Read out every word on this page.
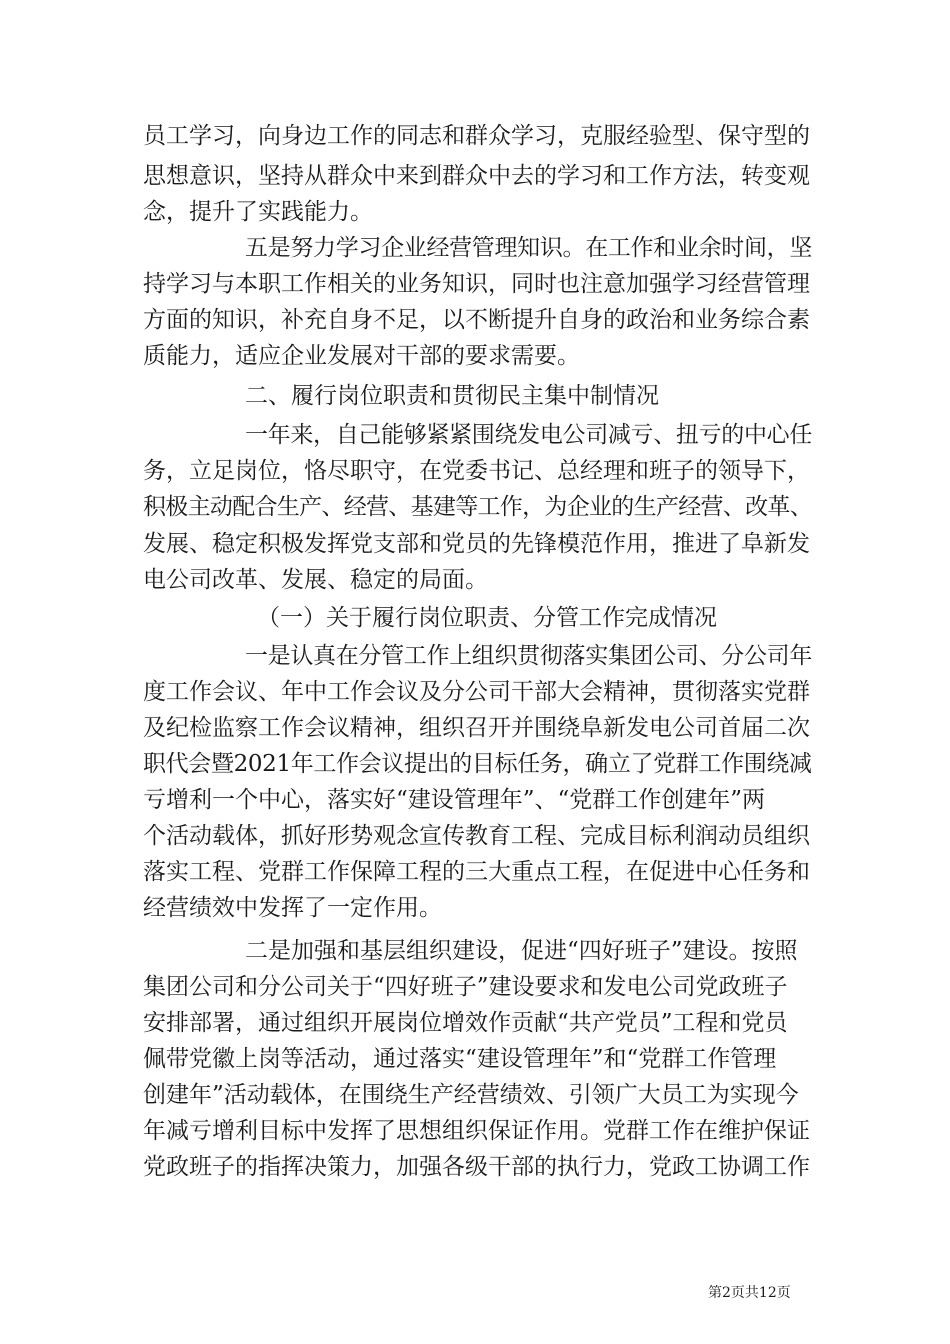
员工学习，向身边工作的同志和群众学习，克服经验型、保守型的

思想意识，坚持从群众中来到群众中去的学习和工作方法，转变观

念，提升了实践能力。

五是努力学习企业经营管理知识。在工作和业余时间，坚

持学习与本职工作相关的业务知识，同时也注意加强学习经营管理

方面的知识，补充自身不足，以不断提升自身的政治和业务综合素

质能力，适应企业发展对干部的要求需要。

二、履行岗位职责和贯彻民主集中制情况

一年来，自己能够紧紧围绕发电公司减亏、扭亏的中心任

务，立足岗位，恪尽职守，在党委书记、总经理和班子的领导下，

积极主动配合生产、经营、基建等工作，为企业的生产经营、改革、

发展、稳定积极发挥党支部和党员的先锋模范作用，推进了阜新发

电公司改革、发展、稳定的局面。

（一）关于履行岗位职责、分管工作完成情况

一是认真在分管工作上组织贯彻落实集团公司、分公司年

度工作会议、年中工作会议及分公司干部大会精神，贯彻落实党群

及纪检监察工作会议精神，组织召开并围绕阜新发电公司首届二次

职代会暨2021年工作会议提出的目标任务，确立了党群工作围绕减

亏增利一个中心，落实好“建设管理年”、“党群工作创建年”两

个活动载体，抓好形势观念宣传教育工程、完成目标利润动员组织

落实工程、党群工作保障工程的三大重点工程，在促进中心任务和

经营绩效中发挥了一定作用。

二是加强和基层组织建设，促进“四好班子”建设。按照

集团公司和分公司关于“四好班子”建设要求和发电公司党政班子

安排部署，通过组织开展岗位增效作贡献“共产党员”工程和党员

佩带党徽上岗等活动，通过落实“建设管理年”和“党群工作管理

创建年”活动载体，在围绕生产经营绩效、引领广大员工为实现今

年减亏增利目标中发挥了思想组织保证作用。党群工作在维护保证

党政班子的指挥决策力，加强各级干部的执行力，党政工协调工作

第2页共12页
